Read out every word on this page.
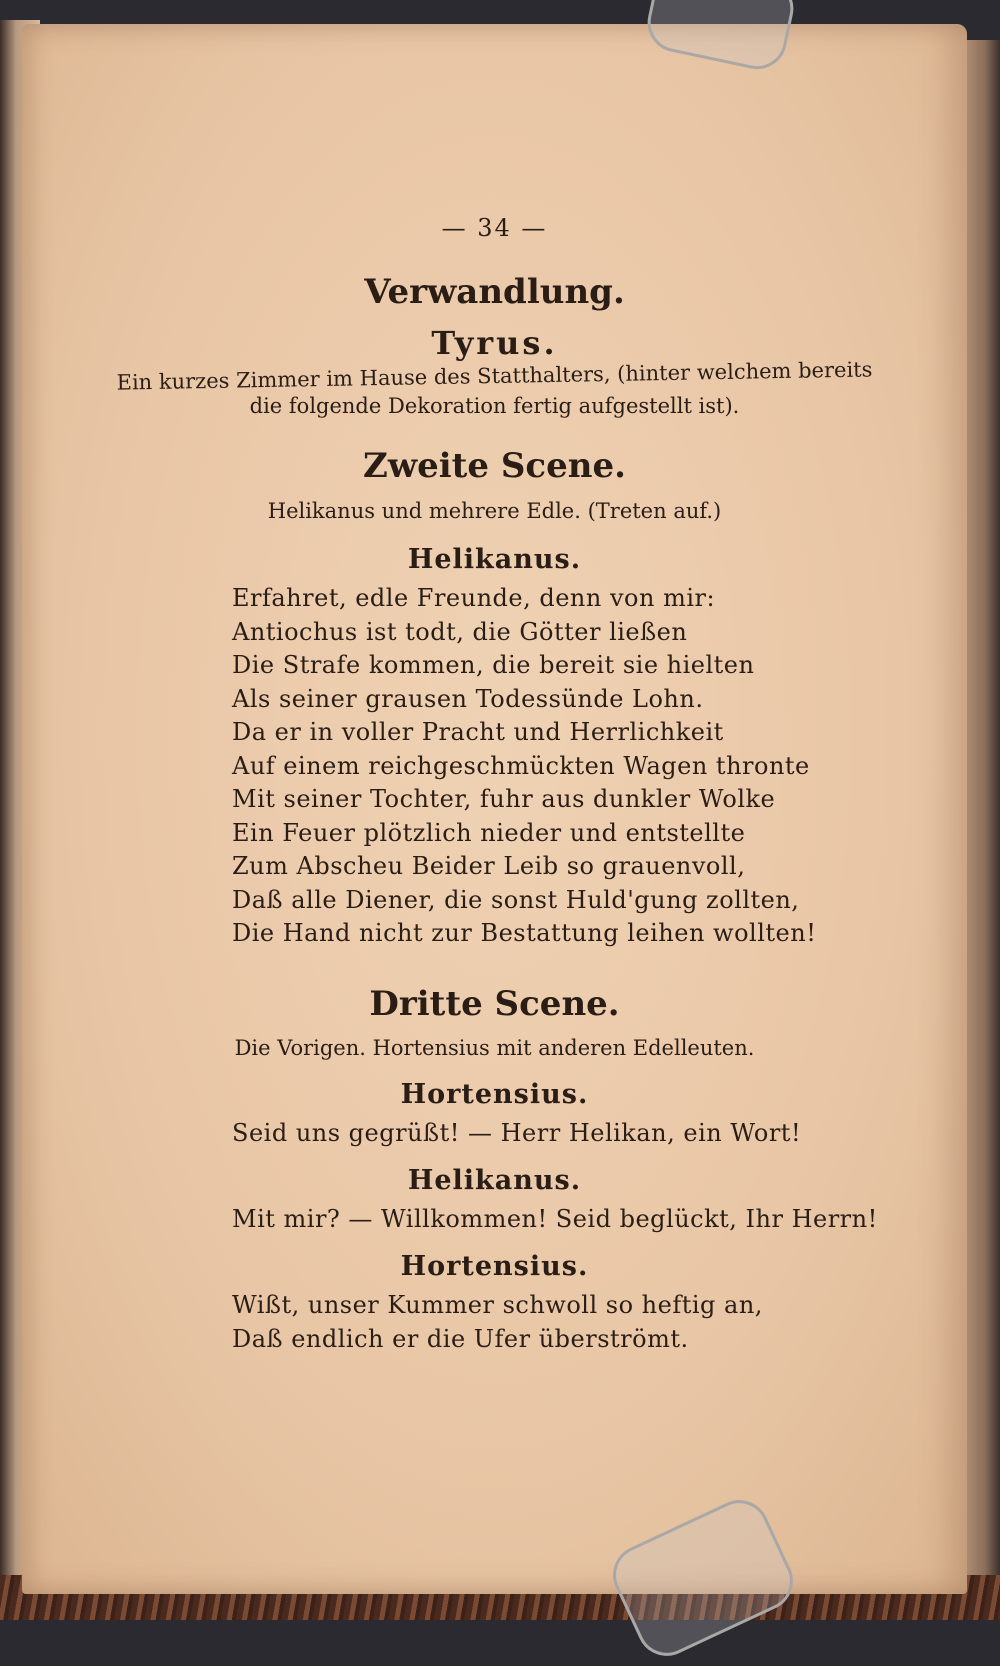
— 34 —
Verwandlung.
Tyrus.
Ein kurzes Zimmer im Hause des Statthalters, (hinter welchem bereits
die folgende Dekoration fertig aufgestellt ist).
Zweite Scene.
Helikanus und mehrere Edle. (Treten auf.)
Helikanus.
Erfahret, edle Freunde, denn von mir:
Antiochus ist todt, die Götter ließen
Die Strafe kommen, die bereit sie hielten
Als seiner grausen Todessünde Lohn.
Da er in voller Pracht und Herrlichkeit
Auf einem reichgeschmückten Wagen thronte
Mit seiner Tochter, fuhr aus dunkler Wolke
Ein Feuer plötzlich nieder und entstellte
Zum Abscheu Beider Leib so grauenvoll,
Daß alle Diener, die sonst Huld'gung zollten,
Die Hand nicht zur Bestattung leihen wollten!
Dritte Scene.
Die Vorigen. Hortensius mit anderen Edelleuten.
Hortensius.
Seid uns gegrüßt! — Herr Helikan, ein Wort!
Helikanus.
Mit mir? — Willkommen! Seid beglückt, Ihr Herrn!
Hortensius.
Wißt, unser Kummer schwoll so heftig an,
Daß endlich er die Ufer überströmt.
